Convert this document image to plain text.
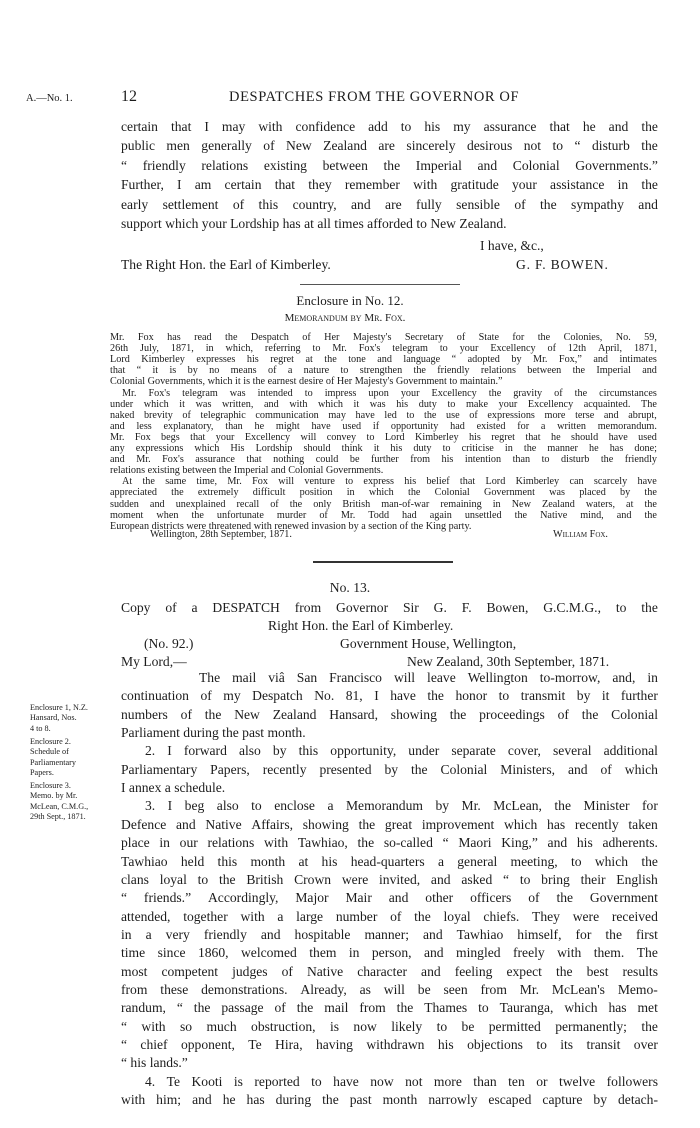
A.—No. 1.	12	DESPATCHES FROM THE GOVERNOR OF
certain that I may with confidence add to his my assurance that he and the
public men generally of New Zealand are sincerely desirous not to “ disturb the
“ friendly relations existing between the Imperial and Colonial Governments.”
Further, I am certain that they remember with gratitude your assistance in the
early settlement of this country, and are fully sensible of the sympathy and
support which your Lordship has at all times afforded to New Zealand.
I have, &c.,
The Right Hon. the Earl of Kimberley.	G. F. BOWEN.
Enclosure in No. 12.
Memorandum by Mr. Fox.
Mr. Fox has read the Despatch of Her Majesty's Secretary of State for the Colonies, No. 59,
26th July, 1871, in which, referring to Mr. Fox's telegram to your Excellency of 12th April, 1871,
Lord Kimberley expresses his regret at the tone and language “ adopted by Mr. Fox,” and intimates
that “ it is by no means of a nature to strengthen the friendly relations between the Imperial and
Colonial Governments, which it is the earnest desire of Her Majesty's Government to maintain.”
Mr. Fox's telegram was intended to impress upon your Excellency the gravity of the circumstances
under which it was written, and with which it was his duty to make your Excellency acquainted. The
naked brevity of telegraphic communication may have led to the use of expressions more terse and abrupt,
and less explanatory, than he might have used if opportunity had existed for a written memorandum.
Mr. Fox begs that your Excellency will convey to Lord Kimberley his regret that he should have used
any expressions which His Lordship should think it his duty to criticise in the manner he has done;
and Mr. Fox's assurance that nothing could be further from his intention than to disturb the friendly
relations existing between the Imperial and Colonial Governments.
At the same time, Mr. Fox will venture to express his belief that Lord Kimberley can scarcely have
appreciated the extremely difficult position in which the Colonial Government was placed by the
sudden and unexplained recall of the only British man-of-war remaining in New Zealand waters, at the
moment when the unfortunate murder of Mr. Todd had again unsettled the Native mind, and the
European districts were threatened with renewed invasion by a section of the King party.
Wellington, 28th September, 1871.	William Fox.
No. 13.
Copy of a DESPATCH from Governor Sir G. F. Bowen, G.C.M.G., to the
Right Hon. the Earl of Kimberley.
(No. 92.)	Government House, Wellington,
My Lord,—	New Zealand, 30th September, 1871.
The mail viâ San Francisco will leave Wellington to-morrow, and, in
continuation of my Despatch No. 81, I have the honor to transmit by it further
numbers of the New Zealand Hansard, showing the proceedings of the Colonial
Parliament during the past month.
2. I forward also by this opportunity, under separate cover, several additional
Parliamentary Papers, recently presented by the Colonial Ministers, and of which
I annex a schedule.
3. I beg also to enclose a Memorandum by Mr. McLean, the Minister for
Defence and Native Affairs, showing the great improvement which has recently taken
place in our relations with Tawhiao, the so-called “ Maori King,” and his adherents.
Tawhiao held this month at his head-quarters a general meeting, to which the
clans loyal to the British Crown were invited, and asked “ to bring their English
“ friends.” Accordingly, Major Mair and other officers of the Government
attended, together with a large number of the loyal chiefs. They were received
in a very friendly and hospitable manner; and Tawhiao himself, for the first
time since 1860, welcomed them in person, and mingled freely with them. The
most competent judges of Native character and feeling expect the best results
from these demonstrations. Already, as will be seen from Mr. McLean's Memo-
randum, “ the passage of the mail from the Thames to Tauranga, which has met
“ with so much obstruction, is now likely to be permitted permanently; the
“ chief opponent, Te Hira, having withdrawn his objections to its transit over
“ his lands.”
4. Te Kooti is reported to have now not more than ten or twelve followers
with him; and he has during the past month narrowly escaped capture by detach-
Enclosure 1, N.Z.
Hansard, Nos.
4 to 8.
Enclosure 2.
Schedule of
Parliamentary
Papers.
Enclosure 3.
Memo. by Mr.
McLean, C.M.G.,
29th Sept., 1871.
